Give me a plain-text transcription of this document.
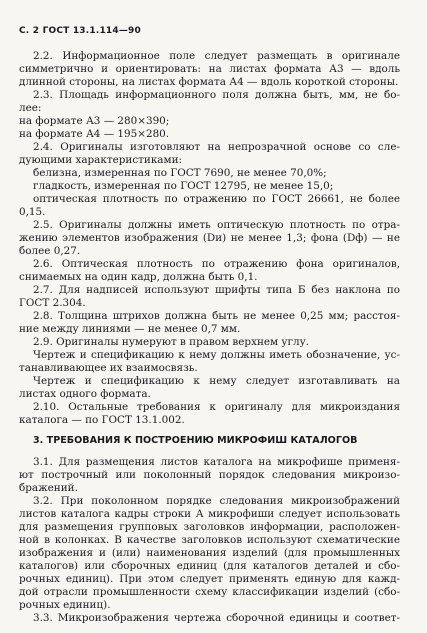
С. 2 ГОСТ 13.1.114—90
2.2. Информационное поле следует размещать в оригинале
симметрично и ориентировать: на листах формата А3 — вдоль
длинной стороны, на листах формата А4 — вдоль короткой стороны.
2.3. Площадь информационного поля должна быть, мм, не бо-
лее:
на формате А3 — 280×390;
на формате А4 — 195×280.
2.4. Оригиналы изготовляют на непрозрачной основе со сле-
дующими характеристиками:
белизна, измеренная по ГОСТ 7690, не менее 70,0%;
гладкость, измеренная по ГОСТ 12795, не менее 15,0;
оптическая плотность по отражению по ГОСТ 26661, не более
0,15.
2.5. Оригиналы должны иметь оптическую плотность по отра-
жению элементов изображения (Dи) не менее 1,3; фона (Dф) — не
более 0,27.
2.6. Оптическая плотность по отражению фона оригиналов,
снимаемых на один кадр, должна быть 0,1.
2.7. Для надписей используют шрифты типа Б без наклона по
ГОСТ 2.304.
2.8. Толщина штрихов должна быть не менее 0,25 мм; расстоя-
ние между линиями — не менее 0,7 мм.
2.9. Оригиналы нумеруют в правом верхнем углу.
Чертеж и спецификацию к нему должны иметь обозначение, ус-
танавливающее их взаимосвязь.
Чертеж и спецификацию к нему следует изготавливать на
листах одного формата.
2.10. Остальные требования к оригиналу для микроиздания
каталога — по ГОСТ 13.1.002.
3. ТРЕБОВАНИЯ К ПОСТРОЕНИЮ МИКРОФИШ КАТАЛОГОВ
3.1. Для размещения листов каталога на микрофише применя-
ют построчный или поколонный порядок следования микроизо-
бражений.
3.2. При поколонном порядке следования микроизображений
листов каталога кадры строки А микрофиши следует использовать
для размещения групповых заголовков информации, расположен-
ной в колонках. В качестве заголовков используют схематические
изображения и (или) наименования изделий (для промышленных
каталогов) или сборочных единиц (для каталогов деталей и сбо-
рочных единиц). При этом следует применять единую для кажд-
дой отрасли промышленности схему классификации изделий (сбо-
рочных единиц).
3.3. Микроизображения чертежа сборочной единицы и соответ-
